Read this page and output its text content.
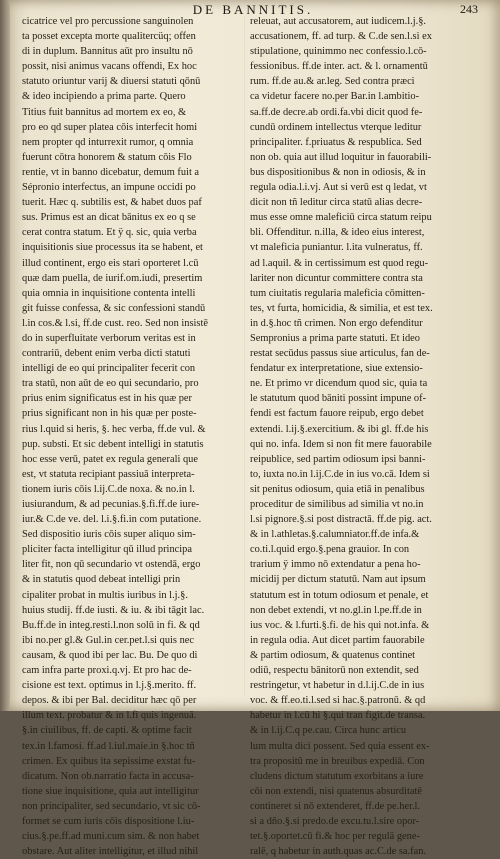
DE BANNITIS.	243
cicatrice vel pro percussione sanguinolen
ta posset excepta morte qualitercüq; offen
di in duplum. Bannitus aūt pro insultu nō
possit, nisi animus vacans offendi, Ex hoc
statuto oriuntur varij & diuersi statuti qōnū
& ideo incipiendo a prima parte. Quero
Titius fuit bannitus ad mortem ex eo, &
pro eo qd super platea cōis interfecit homi
nem propter qd inturrexit rumor, q omnia
fuerunt cōtra honorem & statum cōis Flo
rentie, vt in banno dicebatur, demum fuit a
Sépronio interfectus, an impune occidi po
tuerit. Hæc q. subtilis est, & habet duos paf
sus. Primus est an dicat bānitus ex eo q se
cerat contra statum. Et ÿ q. sic, quia verba
inquisitionis siue processus ita se habent, et
illud continent, ergo eis stari oporteret l.cū
quæ dam puella, de iurif.om.iudi, presertim
quia omnia in inquisitione contenta intelli
git fuisse confessa, & sic confessioni standū
l.in cos.& l.si, ff.de cust. reo. Sed non insistē
do in superfluitate verborum veritas est in
contrariū, debent enim verba dicti statuti
intelligi de eo qui principaliter fecerit con
tra statū, non aūt de eo qui secundario, pro
prius enim significatus est in his quæ per
prius significant non in his quæ per poste-
rius l.quid si heris, §. hec verba, ff.de vul. &
pup. substi. Et sic debent intelligi in statutis
hoc esse verū, patet ex regula generali que
est, vt statuta recipiant passiuā interpreta-
tionem iuris cōis l.ij.C.de noxa. & no.in l.
iusiurandum, & ad pecunias.§.fi.ff.de iure-
iur.& C.de ve. del. l.i.§.fi.in com putatione.
Sed dispositio iuris cōis super aliquo sim-
pliciter facta intelligitur qū illud principa
liter fit, non qū secundario vt ostendā, ergo
& in statutis quod debeat intelligi prin
cipaliter probat in multis iuribus in l.j.§.
huius studij. ff.de iusti. & iu. & ibi tāgit lac.
Bu.ff.de in integ.resti.l.non solū in fi. & qd
ibi no.per gl.& Gul.in cer.pet.l.si quis nec
causam, & quod ibi per lac. Bu. De quo di
cam infra parte proxi.q.vj. Et pro hac de-
cisione est text. optimus in l.j.§.merito. ff.
depos. & ibi per Bal. deciditur hæc qō per
illum text. probatur & in l.fi quis ingenuā.
§.in ciuilibus, ff. de capti. & optime facit
tex.in l.famosi. ff.ad l.iul.maie.in §.hoc tñ
crimen. Ex quibus ita sepissime exstat fu-
dicatum. Non ob.narratio facta in accusa-
tione siue inquisitione, quia aut intelligitur
non principaliter, sed secundario, vt sic cō-
formet se cum iuris cōis dispositione l.iu-
cius.§.pe.ff.ad muni.cum sim. & non habet
obstare. Aut aliter intelligitur, et illud nihil
releuat, aut accusatorem, aut iudicem.l.j.§.
accusationem, ff. ad turp. & C.de sen.l.si ex
stipulatione, quinimmo nec confessio.l.cō-
fessionibus. ff.de inter. act. & l. ornamentū
rum. ff.de au.& ar.leg. Sed contra præci
ca videtur facere no.per Bar.in l.ambitio-
sa.ff.de decre.ab ordi.fa.vbi dicit quod fe-
cundū ordinem intellectus vterque leditur
principaliter. f.priuatus & respublica. Sed
non ob. quia aut illud loquitur in fauorabili-
bus dispositionibus & non in odiosis, & in
regula odia.l.i.vj. Aut si verū est q ledat, vt
dicit non tñ leditur circa statū alias decre-
mus esse omne maleficiū circa statum reipu
bli. Offenditur. n.illa, & ideo eius interest,
vt maleficia puniantur. l.ita vulneratus, ff.
ad l.aquil. & in certissimum est quod regu-
lariter non dicuntur committere contra sta
tum ciuitatis regularia maleficia cōmitten-
tes, vt furta, homicidia, & similia, et est tex.
in d.§.hoc tñ crimen. Non ergo defenditur
Sempronius a prima parte statuti. Et ideo
restat secūdus passus siue articulus, fan de-
fendatur ex interpretatione, siue extensio-
ne. Et primo vr dicendum quod sic, quia ta
le statutum quod bāniti possint impune of-
fendi est factum fauore reipub, ergo debet
extendi. l.ij.§.exercitium. & ibi gl. ff.de his
qui no. infa. Idem si non fit mere fauorabile
reipublice, sed partim odiosum ipsi banni-
to, iuxta no.in l.ij.C.de in ius vo.cā. Idem si
sit penitus odiosum, quia etiā in penalibus
proceditur de similibus ad similia vt no.in
l.si pignore.§.si post distractā. ff.de pig. act.
& in l.athletas.§.calumniator.ff.de infa.&
co.ti.l.quid ergo.§.pena grauior. In con
trarium ÿ immo nō extendatur a pena ho-
micidij per dictum statutū. Nam aut ipsum
statutum est in totum odiosum et penale, et
non debet extendi, vt no.gl.in l.pe.ff.de in
ius voc. & l.furti.§.fi. de his qui not.infa. &
in regula odia. Aut dicet partim fauorabile
& partim odiosum, & quatenus continet
odiū, respectu bānitorū non extendit, sed
restringetur, vt habetur in d.l.ij.C.de in ius
voc. & ff.eo.ti.l.sed si hac.§.patronū. & qd
habetur in l.cū hi §.qui tran figit.de transa.
& in l.ij.C.q pe.cau. Circa hunc articu
lum multa dici possent. Sed quia essent ex-
tra propositū me in breuibus expediā. Con
cludens dictum statutum exorbitans a iure
cōi non extendi, nisi quatenus absurditatē
contineret si nō extenderet, ff.de pe.her.l.
si a dño.§.si predo.de excu.tu.l.sire opor-
tet.§.oportet.cū fi.& hoc per regulā gene-
ralē, q habetur in auth.quas ac.C.de sa.fan.
